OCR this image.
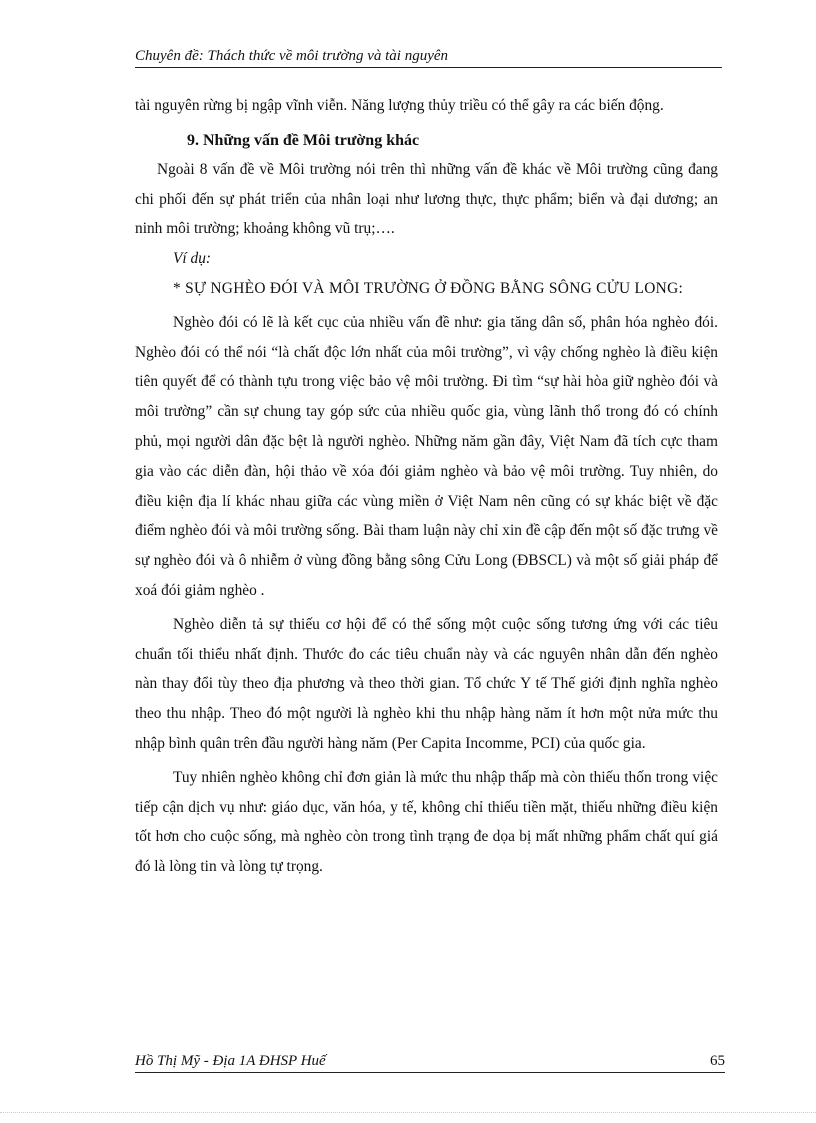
Chuyên đề: Thách thức về môi trường và tài nguyên

tài nguyên rừng bị ngập vĩnh viễn. Năng lượng thủy triều có thể gây ra các biến động.

9. Những vấn đề Môi trường khác

Ngoài 8 vấn đề về Môi trường nói trên thì những vấn đề khác về Môi trường cũng đang chi phối đến sự phát triển của nhân loại như lương thực, thực phẩm; biển và đại dương; an ninh môi trường; khoảng không vũ trụ;….

Ví dụ:

* SỰ NGHÈO ĐÓI VÀ MÔI TRƯỜNG Ở ĐỒNG BẰNG SÔNG CỬU LONG:

Nghèo đói có lẽ là kết cục của nhiều vấn đề như: gia tăng dân số, phân hóa nghèo đói. Nghèo đói có thể nói “là chất độc lớn nhất của môi trường”, vì vậy chống nghèo là điều kiện tiên quyết để có thành tựu trong việc bảo vệ môi trường. Đi tìm “sự hài hòa giữ nghèo đói và môi trường” cần sự chung tay góp sức của nhiều quốc gia, vùng lãnh thổ trong đó có chính phủ, mọi người dân đặc bệt là người nghèo. Những năm gần đây, Việt Nam đã tích cực tham gia vào các diễn đàn, hội thảo về xóa đói giảm nghèo và bảo vệ môi trường. Tuy nhiên, do điều kiện địa lí khác nhau giữa các vùng miền ở Việt Nam nên cũng có sự khác biệt về đặc điểm nghèo đói và môi trường sống. Bài tham luận này chỉ xin đề cập đến một số đặc trưng về sự nghèo đói và ô nhiễm ở vùng đồng bằng sông Cửu Long (ĐBSCL) và một số giải pháp để xoá đói giảm nghèo .

Nghèo diễn tả sự thiếu cơ hội để có thể sống một cuộc sống tương ứng với các tiêu chuẩn tối thiểu nhất định. Thước đo các tiêu chuẩn này và các nguyên nhân dẫn đến nghèo nàn thay đổi tùy theo địa phương và theo thời gian. Tổ chức Y tế Thế giới định nghĩa nghèo theo thu nhập. Theo đó một người là nghèo khi thu nhập hàng năm ít hơn một nửa mức thu nhập bình quân trên đầu người hàng năm (Per Capita Incomme, PCI) của quốc gia.

Tuy nhiên nghèo không chỉ đơn giản là mức thu nhập thấp mà còn thiếu thốn trong việc tiếp cận dịch vụ như: giáo dục, văn hóa, y tế, không chỉ thiếu tiền mặt, thiếu những điều kiện tốt hơn cho cuộc sống, mà nghèo còn trong tình trạng đe dọa bị mất những phẩm chất quí giá đó là lòng tin và lòng tự trọng.

Hồ Thị Mỹ - Địa 1A ĐHSP Huế	65
